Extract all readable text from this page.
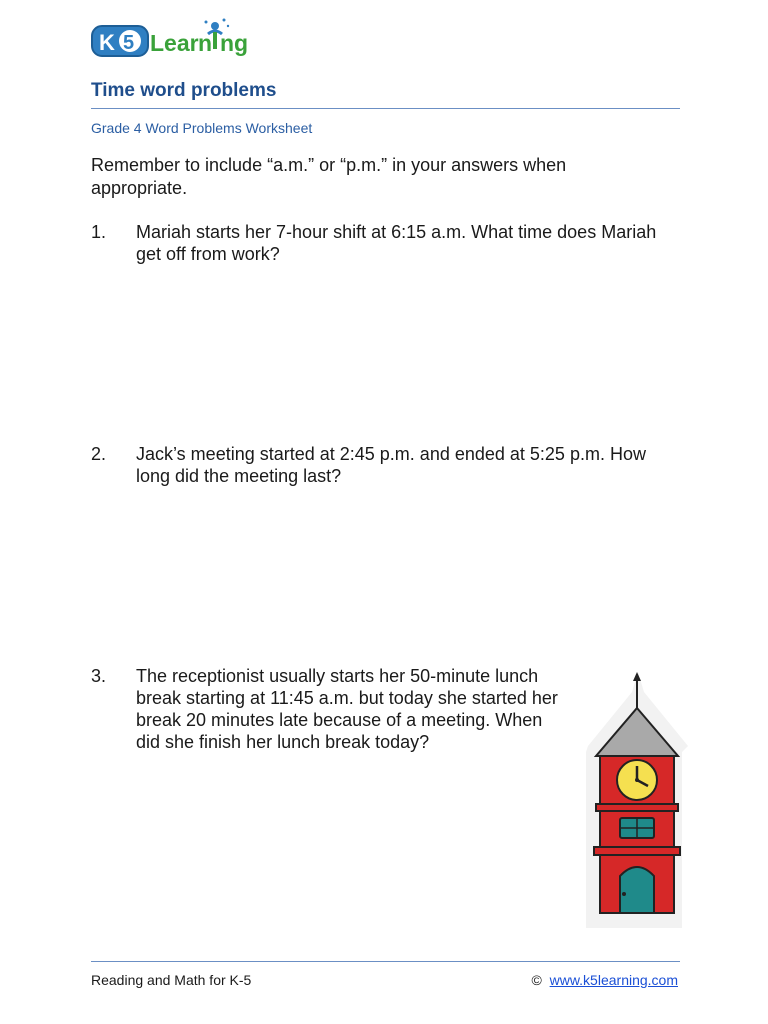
K 5 Lear n ng
Time word problems
Grade 4 Word Problems Worksheet
Remember to include “a.m.” or “p.m.” in your answers when appropriate.
1. Mariah starts her 7-hour shift at 6:15 a.m. What time does Mariah get off from work?
2. Jack’s meeting started at 2:45 p.m. and ended at 5:25 p.m. How long did the meeting last?
3. The receptionist usually starts her 50-minute lunch break starting at 11:45 a.m. but today she started her break 20 minutes late because of a meeting. When did she finish her lunch break today?
Reading and Math for K-5	© www.k5learning.com
